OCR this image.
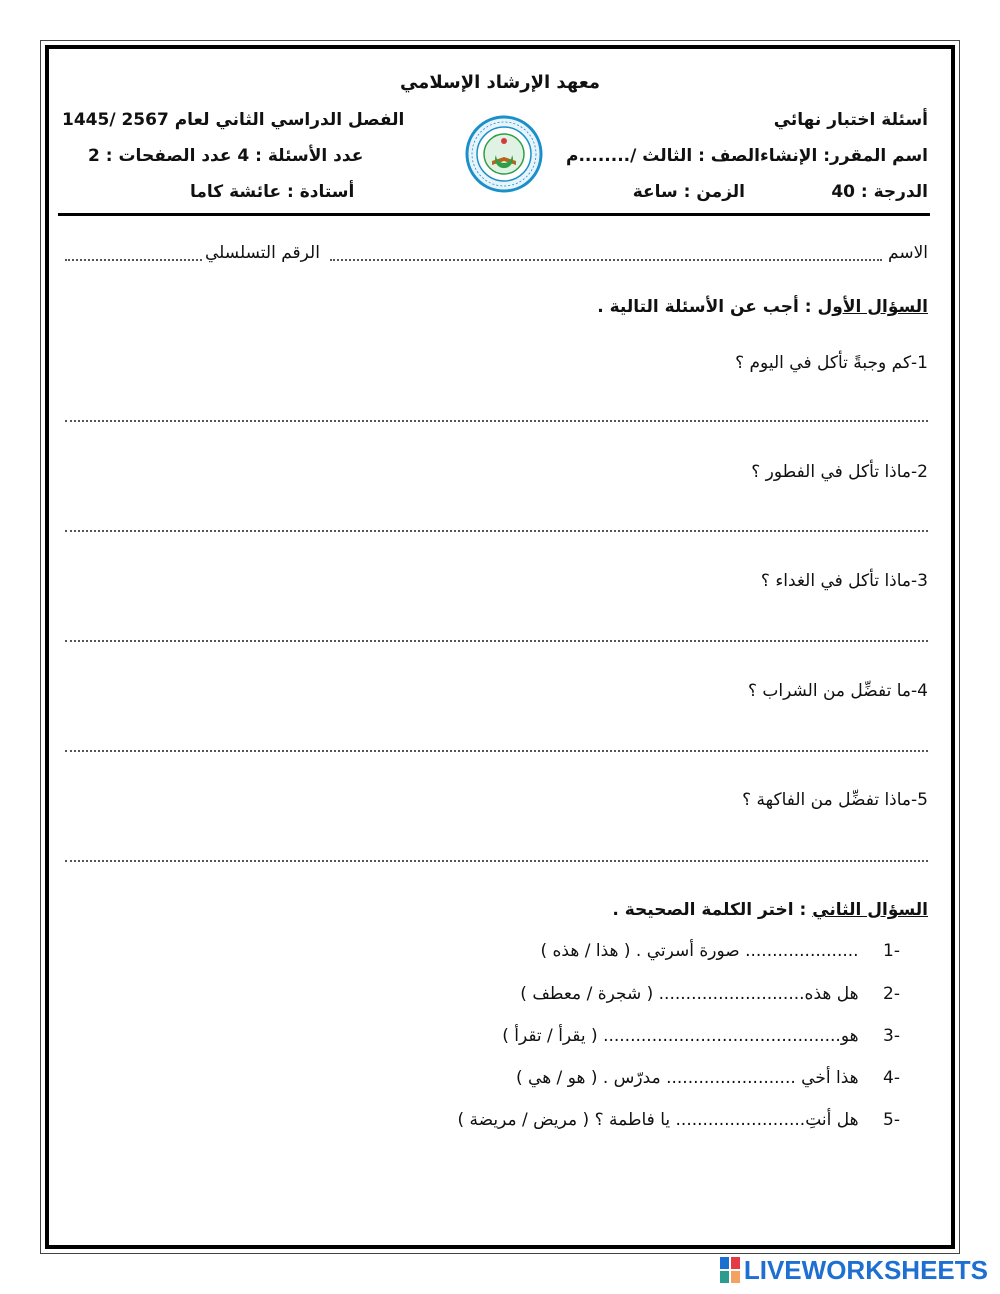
معهد الإرشاد الإسلامي
أسئلة اختبار نهائي
الفصل الدراسي الثاني لعام 2567 /1445
اسم المقرر: الإنشاء
الصف : الثالث /........م
عدد الأسئلة : 4 عدد الصفحات : 2
الدرجة : 40
الزمن : ساعة
أستادة : عائشة كاما
الاسم
الرقم التسلسلي
السؤال الأول : أجب عن الأسئلة التالية .
1-كم وجبةً تأكل في اليوم ؟
2-ماذا تأكل في الفطور ؟
3-ماذا تأكل في الغداء ؟
4-ما تفضِّل من الشراب ؟
5-ماذا تفضِّل من الفاكهة ؟
السؤال الثاني : اختر الكلمة الصحيحة .
-1 ..................... صورة أسرتي . ( هذا / هذه )
-2 هل هذه........................... ( شجرة / معطف )
-3 هو............................................ ( يقرأ / تقرأ )
-4 هذا أخي ........................ مدرّس . ( هو / هي )
-5 هل أنتِ........................ يا فاطمة ؟ ( مريض / مريضة )
LIVEWORKSHEETS
